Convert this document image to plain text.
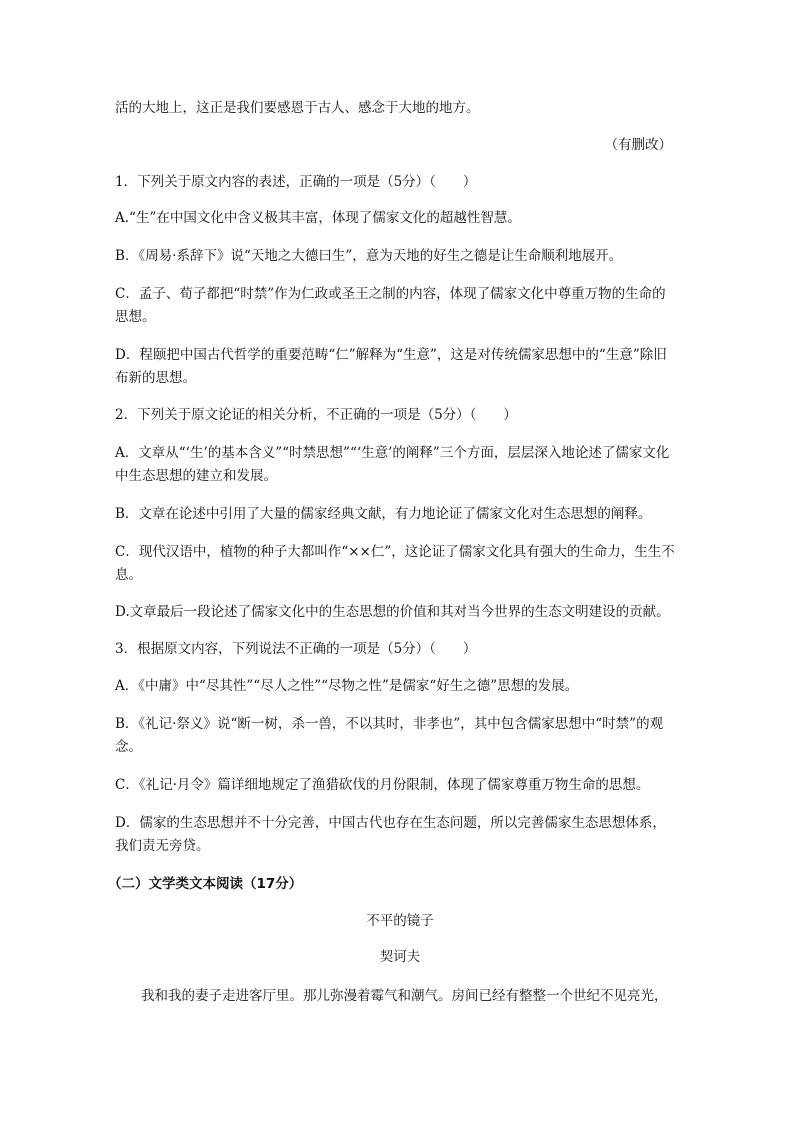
活的大地上，这正是我们要感恩于古人、感念于大地的地方。
（有删改）
1．下列关于原文内容的表述，正确的一项是（5分）（　　）
A.“生”在中国文化中含义极其丰富，体现了儒家文化的超越性智慧。
B．《周易·系辞下》说“天地之大德曰生”，意为天地的好生之德是让生命顺利地展开。
C．孟子、荀子都把“时禁”作为仁政或圣王之制的内容，体现了儒家文化中尊重万物的生命的
思想。
D．程颐把中国古代哲学的重要范畴“仁”解释为“生意”，这是对传统儒家思想中的“生意”除旧
布新的思想。
2．下列关于原文论证的相关分析，不正确的一项是（5分）（　　）
A．文章从“‘生’的基本含义”“时禁思想”“‘生意’的阐释”三个方面，层层深入地论述了儒家文化
中生态思想的建立和发展。
B．文章在论述中引用了大量的儒家经典文献，有力地论证了儒家文化对生态思想的阐释。
C．现代汉语中，植物的种子大都叫作“××仁”，这论证了儒家文化具有强大的生命力，生生不
息。
D.文章最后一段论述了儒家文化中的生态思想的价值和其对当今世界的生态文明建设的贡献。
3．根据原文内容，下列说法不正确的一项是（5分）（　　）
A．《中庸》中“尽其性”“尽人之性”“尽物之性”是儒家“好生之德”思想的发展。
B．《礼记·祭义》说“断一树，杀一兽，不以其时，非孝也”，其中包含儒家思想中“时禁”的观
念。
C．《礼记·月令》篇详细地规定了渔猎砍伐的月份限制，体现了儒家尊重万物生命的思想。
D．儒家的生态思想并不十分完善，中国古代也存在生态问题，所以完善儒家生态思想体系，
我们责无旁贷。
（二）文学类文本阅读（17分）
不平的镜子
契诃夫
我和我的妻子走进客厅里。那儿弥漫着霉气和潮气。房间已经有整整一个世纪不见亮光，
